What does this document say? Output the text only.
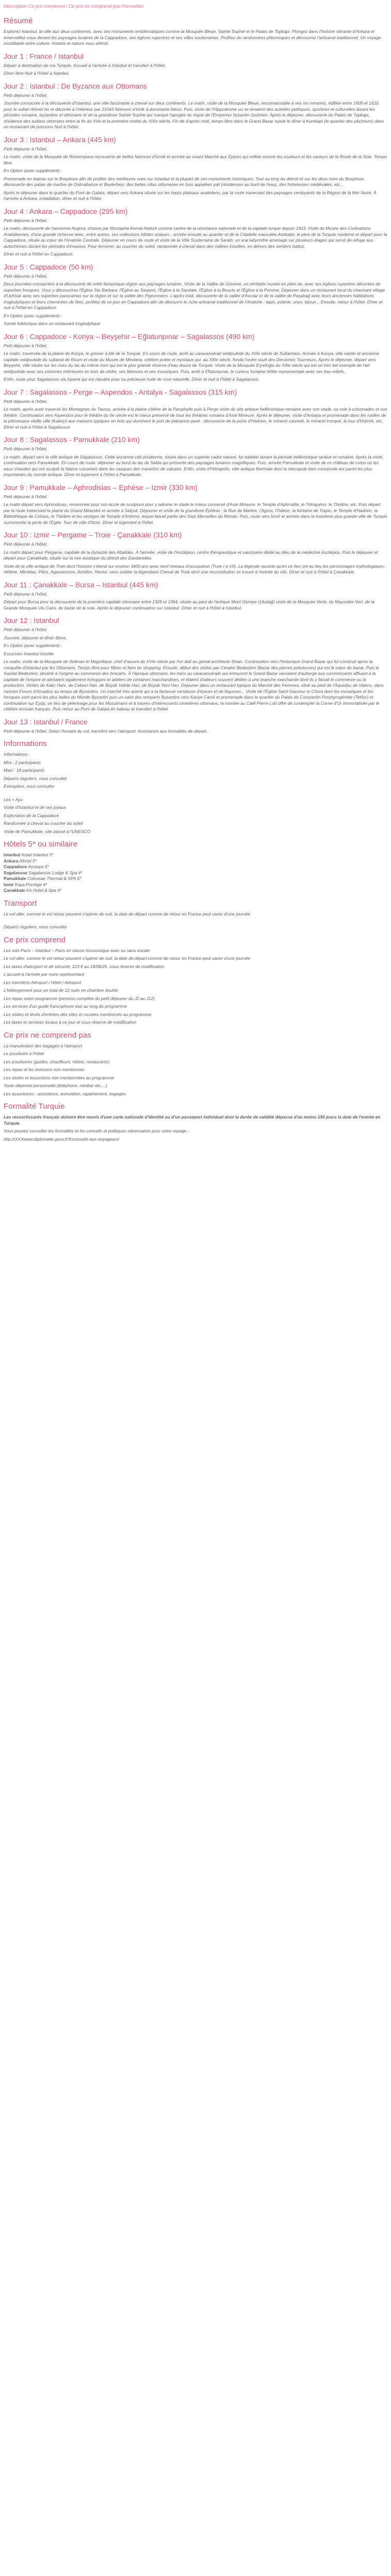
Description Ce prix comprend / Ce prix ne comprend pas Formalités
Résumé

Explorez Istanbul, la ville aux deux continents, avec ses monuments emblématiques comme la Mosquée Bleue, Sainte Sophie et le Palais de Topkapi. Plongez dans l'histoire vibrante d'Ankara et émerveillez-vous devant les paysages lunaires de la Cappadoce, ses églises rupestres et ses villes souterraines. Profitez de randonnées pittoresques et découvrez l'artisanat traditionnel. Un voyage inoubliable entre culture, histoire et nature vous attend.

Jour 1 : France / Istanbul

Départ à destination de ma Turquie. Accueil à l'arrivée à Istanbul et transfert à l'hôtel.

Dîner libre Nuit à l'hôtel à Istanbul.

Jour 2 : Istanbul : De Byzance aux Ottomans

Petit déjeuner à l'hôtel.

Journée consacrée à la découverte d'Istanbul, une ville fascinante à cheval sur deux continents. Le matin, visite de la Mosquée Bleue, reconnaissable à ses six minarets, édifiée entre 1609 et 1616 pour le sultan Ahmet Ier et décorée à l'intérieur par 21043 faïences d'Iznik à dominante bleue. Puis, visite de l'Hippodrome où se tenaient des activités politiques, sportives et culturelles durant les périodes romaine, byzantine et ottomane et de la grandiose Sainte Sophie qui marque l'apogée du règne de l'Empereur byzantin Justinien. Après le déjeuner, découverte du Palais de Topkapi, résidence des sultans ottomans entre la fin du XVe et la première moitié du XIXe siècle. Fin de d'après-midi, temps libre dans le Grand Bazar suivie le dîner à Kumkapi (le quartier des pêcheurs) dans un restaurant de poissons Nuit à l'hôtel.

Jour 3 : Istanbul – Ankara (445 km)

Petit déjeuner à l'hôtel.

Le matin, visite de la Mosquée de Rüstempasa recouverte de belles faïences d'Izmik et arrivée au vivant Marché aux Épices qui reflète encore les couleurs et les saveurs de la Route de la Soie. Temps libre.

En Option (avec supplément) :

Promenade en bateau sur le Bosphore afin de profiter des meilleures vues sur Istanbul et la plupart de ses monuments historiques. Tout au long du détroit et sur les deux rives du Bosphore, découverte des palais de marbre de Dolmabahce et Beylerbeyi, des belles villas ottomanes en bois appelées yali (résidences au bord de l'eau), des forteresses médiévales, etc...

Après le déjeuner dans le quartier du Pont de Galata, départ vers Ankara située sur les hauts plateaux anatoliens, par la route traversant des paysages verdoyants de la Région de la Mer Noire. À l'arrivée à Ankara, installation, dîner et nuit à l'hôtel.

Jour 4 : Ankara – Cappadoce (295 km)

Petit déjeuner à l'hôtel.

Le matin, découverte de l'ancienne Angora, choisie par Mustapha Kemal Atatürk comme centre de la résistance nationale et de la capitale turque depuis 1923. Visite du Musée des Civilisations Anatoliennes, d'une grande richesse avec, entre autres, ses collections hittites uniques ; arrivée ensuite au quartier et de la Citadelle mausolée Anitkabir, le père de la Turquie moderne et départ pour la Cappadoce, située au cœur de l'Anatolie Centrale. Déjeuner en cours de route et visite de la Ville Souterraine de Saratlı, un vrai labyrinthe aménagé sur plusieurs étages qui servit de refuge aux autochtones durant les périodes d'invasion. Pour terminer, au coucher du soleil, randonnée à cheval dans des vallées insolites, en dehors des sentiers battus.

Dîner et nuit à l'hôtel en Cappadoce.

Jour 5 : Cappadoce (50 km)

Petit déjeuner à l'hôtel.

Deux journées consacrées à la découverte de cette fantastique région aux paysages lunaires. Visite de la Vallée de Göreme, un véritable musée en plein air, avec ses églises rupestres décorées de superbes fresques. Vous y découvrirez l'Église Ste Barbara, l'Église au Serpent, l'Église à la Sandale, l'Église à la Boucle et l'Église à la Pomme. Déjeuner dans un restaurant local du charmant village d'Uçhisar avec ses superbes panoramas sur la région et sur la vallée des Pigeonniers. L'après-midi, découverte de la vallée d'Avcılar et de la vallée de Paşabağ avec leurs anciennes habitations troglodytiques et leurs cheminées de fées, profitez de ce jour en Cappadoce afin de découvrir le riche artisanat traditionnel de l'Anatolie : tapis, poterie, onyx, bijoux... Ensuite, retour à l'hôtel. Dîner et nuit à l'hôtel en Cappadoce.

En Option (avec supplément) :

Soirée folklorique dans un restaurant troglodytique

Jour 6 : Cappadoce - Konya – Beyşehir – Eğlatunpınar – Sagalassos (490 km)

Petit déjeuner à l'hôtel.

Le matin, traversée de la plaine de Konya, le grenier à blé de la Turquie. En cours de route, arrêt au caravansérail seldjoukide du XIIIe siècle de Sultanhanı. Arrivée à Konya, ville sainte et ancienne capitale seldjoukide du sultanat de Roum et visite du Musée de Mevlana, célèbre poète et mystique qui, au XIIIe siècle, fonda l'ordre soufi des Derviches Tourneurs. Après le déjeuner, départ vers Beyşehir, ville située sur les rives du lac du même nom qui est le plus grande réserve d'eau douce de Turquie. Visite de la Mosquée Eşrefoğlu du XIIIe siècle qui est un très bel exemple de l'art seldjoukide avec ses colonnes intérieures en bois de cèdre, ses faïences et ses mosaïques. Puis, arrêt à Eflatunpınar, le curieux fontaine hittite monumentale avec ses bas-reliefs.

Enfin, route pour Sagalassos via Isparta qui est réputée pour sa précieuse huile de rose naturelle. Dîner et nuit à l'hôtel à Sagalassos

Jour 7 : Sagalassos - Perge – Aspendos - Antalya - Sagalassos (315 km)

Petit déjeuner à l'hôtel.

Le matin, après avoir traversé les Montagnes du Taurus, arrivée à la plaine côtière de la Pamphylie puis à Perge visite du site antique hellénistique-romaine avec son stade, sa voie à colonnades et son théâtre. Continuation vers Aspendos pour le théâtre du IIe siècle est le mieux préservé de tous les théâtres romains d'Asie Mineure. Après le déjeuner, visite d'Antalya et promenade dans les ruelles de la pittoresque vieille ville (Kaleiçi) aux maisons typiques en bois qui dominent le port de plaisance pavé ; découverte de la porte d'Hadrien, le minaret cannelé, le minaret tronqué, la tour d'Hıdırlık, etc. Dîner et nuit à l'hôtel à Sagalassos

Jour 8 : Sagalassos - Pamukkale (210 km)

Petit déjeuner à l'hôtel.

Le matin, départ vers la ville antique de Sagalassos. Cette ancienne cité pisidienne, située dans un superbe cadre naturel, fut habitée durant la période hellénistique tardive et romaine. Après la visite, continuation vers Pamukkale. En cours de route, déjeuner au bord du lac de Salda qui présente des paysages lunaires magnifiques. Puis, arrivée Pamukkale et visite de ce château de coton où les eaux chaudes qui ont sculpté la falaise ruisselant dans les vasques des travertins de calcaire. Enfin, visite d'Hiérapolis, ville antique thermale dont la nécropole bien conservée est parmi les plus importantes du monde antique. Dîner et logement à l'hôtel à Pamukkale.

Jour 9 : Pamukkale – Aphrodisias – Ephèse – Izmir (330 km)

Petit déjeuner à l'hôtel.

Le matin départ vers Aphrodisias, renommée pour son école de sculpture pour y admirer le stade le mieux conservé d'Asie Mineure, le Temple d'Aphrodite, le Tétrapylon, le Théâtre, etc. Puis départ par la route traversant la plaine du Grand Méandre et arrivée à Selçuk. Déjeuner et visite de la grandiose Éphèse : la Rue de Marbre, l'Agora, l'Odéon, la fontaine de Trajan, le Temple d'Hadrien, la Bibliothèque de Celsius, le Théâtre et les vestiges de Temple d'Artémis, lequel faisait partie des Sept Merveilles du Monde. Puis, route vers Izmir et arrivée dans la troisième plus grande ville de Turquie surnommée la perle de l'Égée. Tour de ville d'Izmir. Dîner et logement à l'hôtel.

Jour 10 : Izmir – Pergame – Troie - Çanakkale (310 km)

Petit déjeuner à l'hôtel.

Le matin départ pour Pergame, capitale de la dynastie des Attalides. À l'arrivée, visite de l'Asclépion, centre thérapeutique et sanctuaire dédié au dieu de la médecine Asclépios. Puis le déjeuner et départ pour Çanakkale, située sur la rive asiatique du détroit des Dardanelles.

Visite de la ville antique de Troie dont l'histoire s'étend sur environ 3400 ans avec neuf niveaux d'occupation (Troie I à VII). La légende raconte qu'en ce lieu ont eu lieu les personnages mythologiques: Hélène, Ménélas, Pâris, Agamemnon, Achilles, Hector, sans oublier la légendaire Cheval de Troie dont une reconstitution se trouve à l'entrée du site. Dîner et nuit à l'hôtel à Çanakkale.

Jour 11 : Çanakkale – Bursa – Istanbul (445 km)

Petit déjeuner à l'hôtel.

Départ pour Bursa pour la découverte de la première capitale ottomane entre 1326 et 1364, située au pied de l'antique Mont Olympe (Uludağ) visite de la Mosquée Verte, du Mausolée Vert, de la Grande Mosquée Ulu Cami, du bazar de la soie. Après le déjeuner continuation sur Istanbul. Dîner et nuit à l'hôtel à Istanbul.

Jour 12 : Istanbul

Petit déjeuner à l'hôtel.

Journée, déjeuner et dîner libres.

En Option (avec supplément) :

Excursion Istanbul Insolite

Le matin, visite de la Mosquée de Soliman le Magnifique, chef d'œuvre du XVIe siècle par l'on doit au génial architecte Sinan. Continuation vers l'historique Grand Bazar qui fut construit après la conquête d'Istanbul par les Ottomans. Temps libre pour flâner et faire du shopping. Ensuite, début des visites par Cevahir Bedesteni (Bazar des pierres précieuses) qui est le cœur du bazar. Puis le Sandal Bedesteni, destiné à l'origine au commerce des brocarts. À l'époque ottomane, les hans ou caravansérails qui entourent le Grand Bazar servaient d'auberge aux commerçants affluant à la capitale de l'empire et abritaient également échoppes et ateliers de certaines marchandises, et étaient d'ailleurs souvent dédiés à une branche marchande dont ils y faisait le commerce ou la production. Visites de Kalcı Hanı, de Cebeci Han, de Büyük Valide Han, de Büyük Yeni Han. Déjeuner dans un restaurant typique du Marché des Femmes, situé au pied de l'Aqueduc de Valens, dans l'ancien Forum d'Arcadius au temps de Byzantins. Un marché très animé qui a la fameuse vendeuse d'épices et de légumes... Visite de l'Église Saint-Sauveur in Chora dont les mosaïques et les fresques sont parmi les plus belles du Monde Byzantin puis un saint des remparts Byzantins vers Kariye Camii et promenade dans le quartier du Palais de Constantin Porphyrogénète (Tekfur) et continuation sur Eyüp, un lieu de pèlerinage pour les Musulmans et à travers d'intéressants cimetières ottomans, la montée au Café Pierre Loti offre de contempler la Corne d'Or immortalisée par le célèbre écrivain français. Puis retour au Pont de Galata en bateau et transfert à l'hôtel

Jour 13 : Istanbul / France

Petit déjeuner à l'hôtel. Selon l'horaire du vol, transfert vers l'aéroport. Assistance aux formalités de départ.

Informations

Informations :

Mini : 2 participants

Maxi : 18 participants

Départs réguliers, nous consulter

Exemption, nous consulter

Les + Ayu

Visite d'Istanbul et de ses joyaux

Exploration de la Cappadoce

Randonnée à cheval au coucher du soleil

Visite de Pamukkale, site classé à l'UNESCO

Hôtels 5* ou similaire
Istanbul Anjali Istanbul 5*
Ankara Altınel 5*
Cappadoce Avrasya 5*
Sagalassos Sagalassos Lodge & Spa 4*
Pamukkale Colossae Thermal & SPA 5*
Izmir Kaya Prestige 4*
Çanakkale Iris Hotel & Spa 4*
Transport

Le vol aller, comme le vol retour peuvent s'opérer de nuit, la date de départ comme de retour en France peut varier d'une journée

Départs réguliers, nous consulter

Ce prix comprend

Les vols Paris – Istanbul – Paris en classe économique avec ou sans escale

Le vol aller, comme le vol retour peuvent s'opérer de nuit, la date de départ comme de retour en France peut varier d'une journée

Les taxes d'aéroport et de sécurité, 223 € au 18/06/25, sous réserve de modification

L'accueil à l'arrivée par notre représentant

Les transferts Aéroport / Hôtel / Aéroport

L'hébergement pour un total de 12 nuits en chambre double

Les repas selon programme (pension complète du petit déjeuner du J2 au J12)

Les services d'un guide francophone tout au long du programme

Les visites et droits d'entrées des sites et musées mentionnés au programme

Les taxes et services locaux à ce jour et sous réserve de modification

Ce prix ne comprend pas

La manutention des bagages à l'aéroport

Le pourboire à l'hôtel

Les pourboires (guides, chauffeurs, hôtels, restaurants)

Les repas et les boissons non mentionnés

Les visites et excursions non mentionnées au programme

Toute dépense personnelle (téléphone, minibar etc....)

Les assurances : assistance, annulation, rapatriement, bagages

Formalité Turquie

Les ressortissants français doivent être munis d'une carte nationale d'identité ou d'un passeport individuel dont la durée de validité dépasse d'au moins 150 jours la date de l'entrée en Turquie.

Vous pouvez consulter les formalités et les conseils et politiques nécessaires pour votre voyage :

http:XXXXwww.diplomatie.gouv.fr/fr/conseils-aux-voyageurs/
